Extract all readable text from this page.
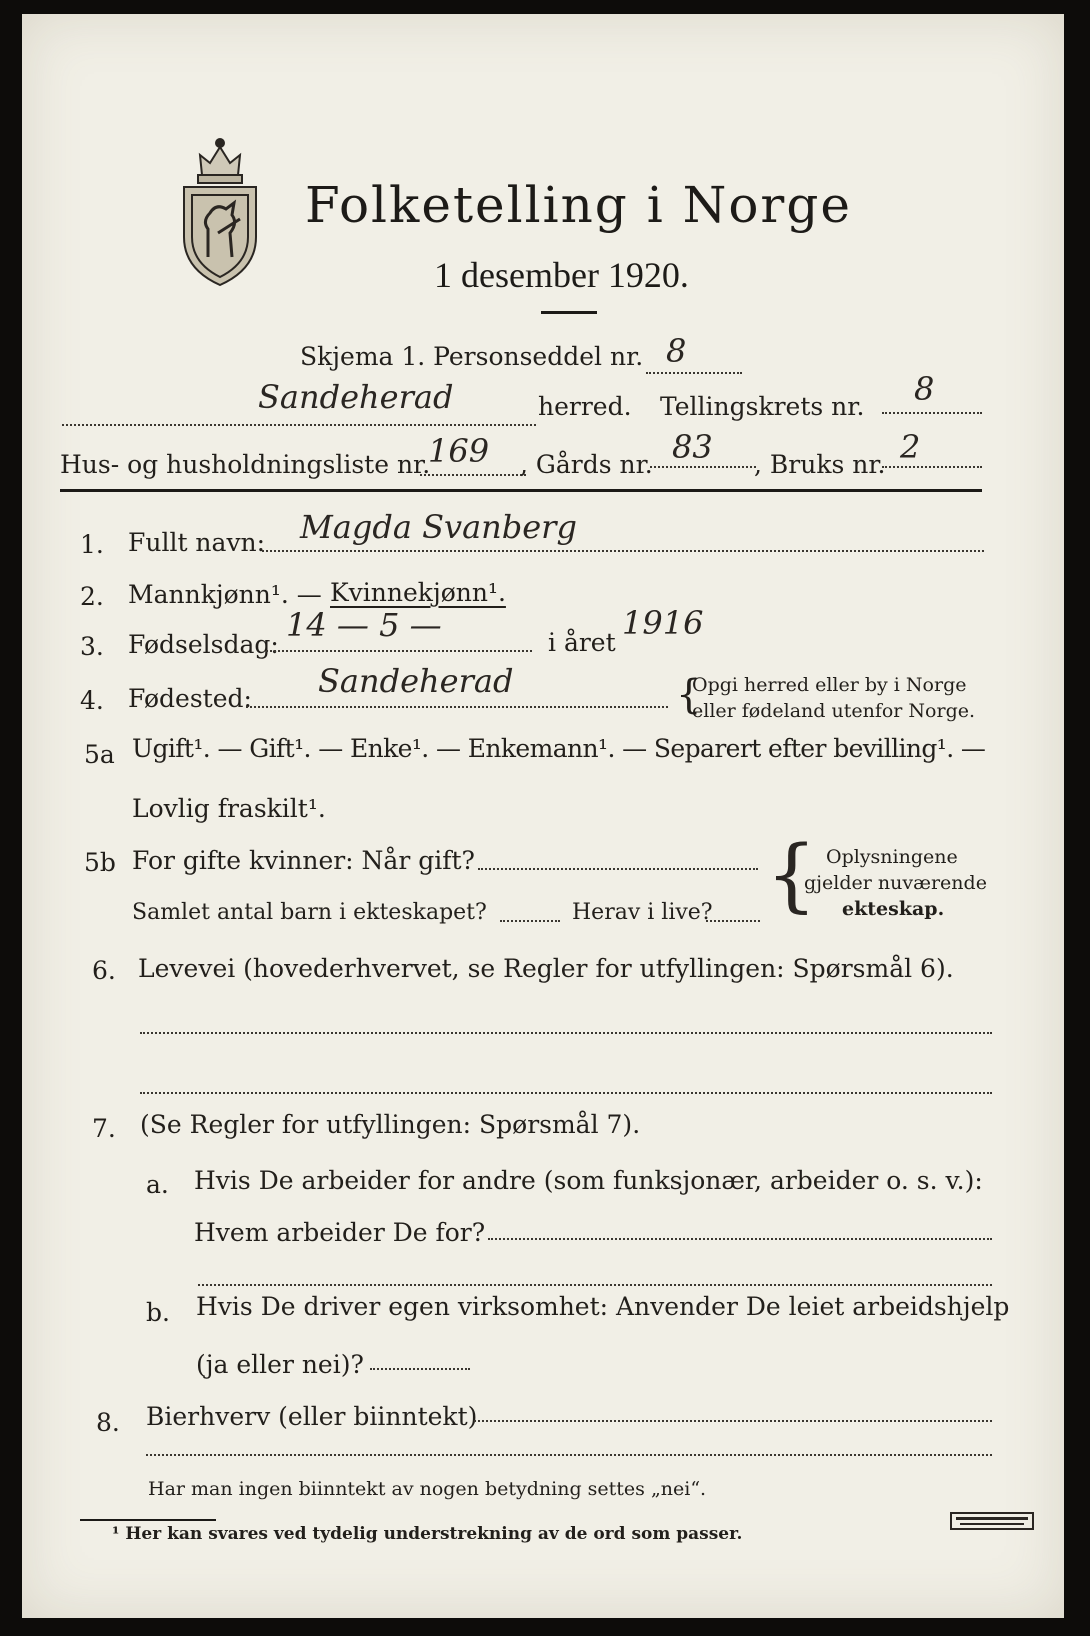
Folketelling i Norge
1 desember 1920.
Skjema 1. Personseddel nr. 8
Sandeherad	herred. Tellingskrets nr. 8
Hus- og husholdningsliste nr.
169 , Gårds nr. 83 , Bruks nr. 2
1. Fullt navn: Magda Svanberg
2. Mannkjønn¹. — Kvinnekjønn¹.
3. Fødselsdag:
14 — 5 —	i året
1916
4. Fødested: Sandeherad	{
Opgi herred eller by i Norge
eller fødeland utenfor Norge.
5a Ugift¹. — Gift¹. — Enke¹. — Enkemann¹. — Separert efter bevilling¹. —
Lovlig fraskilt¹.
5b For gifte kvinner: Når gift?
Samlet antal barn i ekteskapet?	Herav i live? { Oplysningene
gjelder nuværende
ekteskap.
6. Levevei (hovederhvervet, se Regler for utfyllingen: Spørsmål 6).
7. (Se Regler for utfyllingen: Spørsmål 7).
a. Hvis De arbeider for andre (som funksjonær, arbeider o. s. v.):
Hvem arbeider De for?
b. Hvis De driver egen virksomhet: Anvender De leiet arbeidshjelp
(ja eller nei)?
8. Bierhverv (eller biinntekt)
Har man ingen biinntekt av nogen betydning settes „nei“.
¹ Her kan svares ved tydelig understrekning av de ord som passer.
